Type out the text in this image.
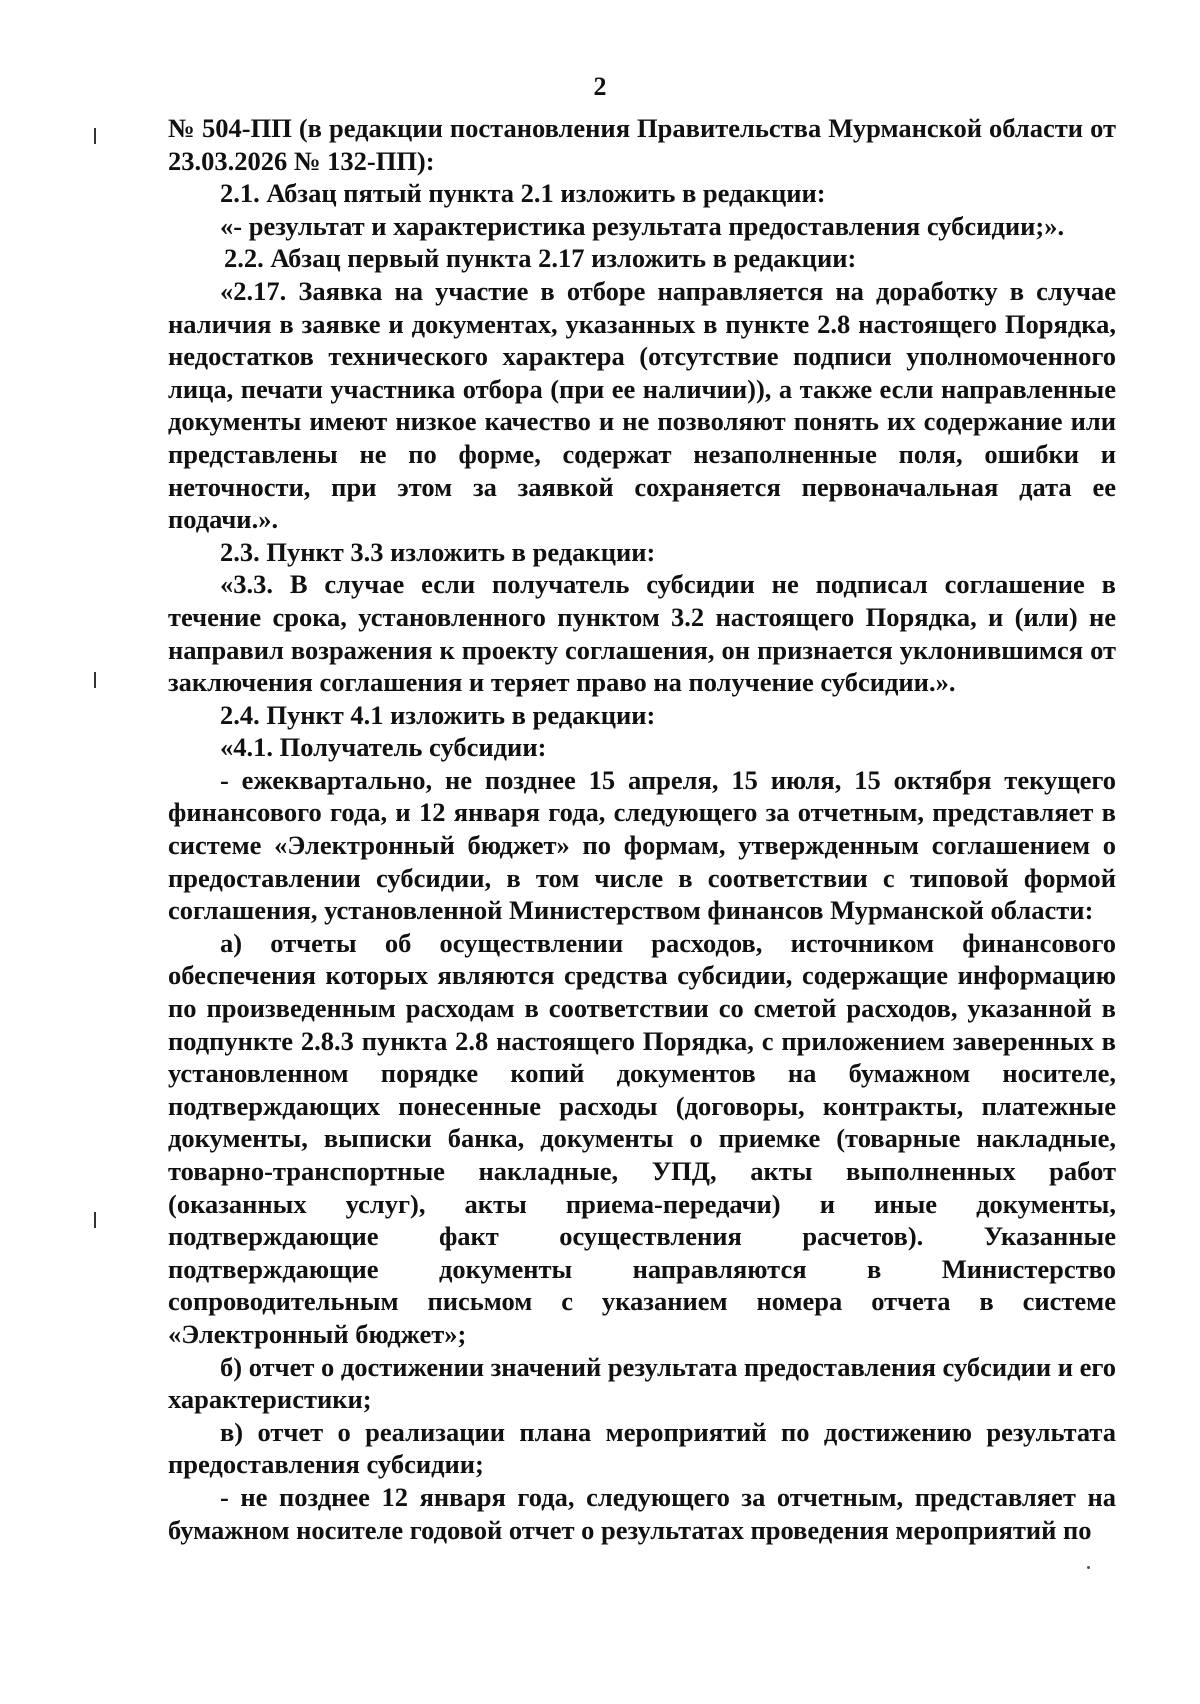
2

№ 504-ПП (в редакции постановления Правительства Мурманской области от 23.03.2026 № 132-ПП):

2.1. Абзац пятый пункта 2.1 изложить в редакции:

«- результат и характеристика результата предоставления субсидии;».

2.2. Абзац первый пункта 2.17 изложить в редакции:

«2.17. Заявка на участие в отборе направляется на доработку в случае наличия в заявке и документах, указанных в пункте 2.8 настоящего Порядка, недостатков технического характера (отсутствие подписи уполномоченного лица, печати участника отбора (при ее наличии)), а также если направленные документы имеют низкое качество и не позволяют понять их содержание или представлены не по форме, содержат незаполненные поля, ошибки и неточности, при этом за заявкой сохраняется первоначальная дата ее подачи.».

2.3. Пункт 3.3 изложить в редакции:

«3.3. В случае если получатель субсидии не подписал соглашение в течение срока, установленного пунктом 3.2 настоящего Порядка, и (или) не направил возражения к проекту соглашения, он признается уклонившимся от заключения соглашения и теряет право на получение субсидии.».

2.4. Пункт 4.1 изложить в редакции:

«4.1. Получатель субсидии:

- ежеквартально, не позднее 15 апреля, 15 июля, 15 октября текущего финансового года, и 12 января года, следующего за отчетным, представляет в системе «Электронный бюджет» по формам, утвержденным соглашением о предоставлении субсидии, в том числе в соответствии с типовой формой соглашения, установленной Министерством финансов Мурманской области:

а) отчеты об осуществлении расходов, источником финансового обеспечения которых являются средства субсидии, содержащие информацию по произведенным расходам в соответствии со сметой расходов, указанной в подпункте 2.8.3 пункта 2.8 настоящего Порядка, с приложением заверенных в установленном порядке копий документов на бумажном носителе, подтверждающих понесенные расходы (договоры, контракты, платежные документы, выписки банка, документы о приемке (товарные накладные, товарно-транспортные накладные, УПД, акты выполненных работ (оказанных услуг), акты приема-передачи) и иные документы, подтверждающие факт осуществления расчетов). Указанные подтверждающие документы направляются в Министерство сопроводительным письмом с указанием номера отчета в системе «Электронный бюджет»;

б) отчет о достижении значений результата предоставления субсидии и его характеристики;

в) отчет о реализации плана мероприятий по достижению результата предоставления субсидии;

- не позднее 12 января года, следующего за отчетным, представляет на бумажном носителе годовой отчет о результатах проведения мероприятий по
